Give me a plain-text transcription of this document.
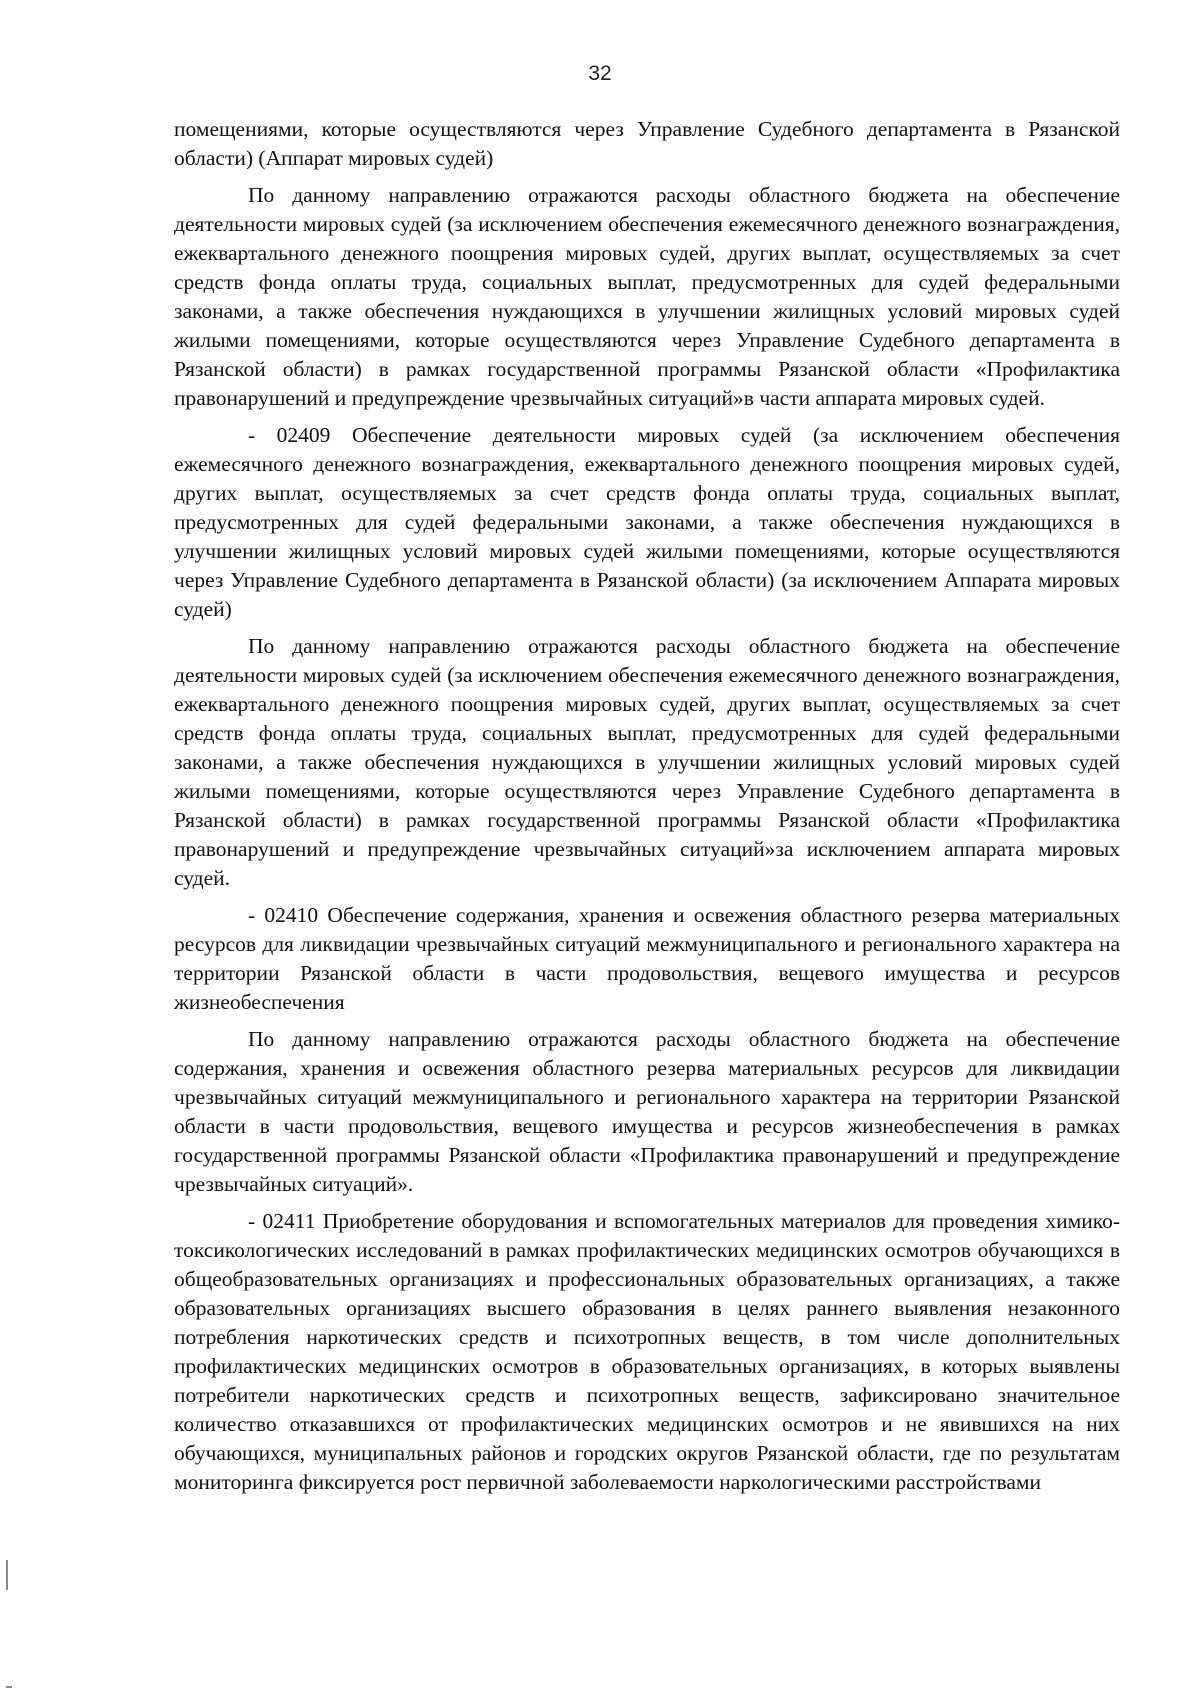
32

помещениями, которые осуществляются через Управление Судебного департамента в Рязанской области) (Аппарат мировых судей)

По данному направлению отражаются расходы областного бюджета на обеспечение деятельности мировых судей (за исключением обеспечения ежемесячного денежного вознаграждения, ежеквартального денежного поощрения мировых судей, других выплат, осуществляемых за счет средств фонда оплаты труда, социальных выплат, предусмотренных для судей федеральными законами, а также обеспечения нуждающихся в улучшении жилищных условий мировых судей жилыми помещениями, которые осуществляются через Управление Судебного департамента в Рязанской области) в рамках государственной программы Рязанской области «Профилактика правонарушений и предупреждение чрезвычайных ситуаций»в части аппарата мировых судей.

- 02409 Обеспечение деятельности мировых судей (за исключением обеспечения ежемесячного денежного вознаграждения, ежеквартального денежного поощрения мировых судей, других выплат, осуществляемых за счет средств фонда оплаты труда, социальных выплат, предусмотренных для судей федеральными законами, а также обеспечения нуждающихся в улучшении жилищных условий мировых судей жилыми помещениями, которые осуществляются через Управление Судебного департамента в Рязанской области) (за исключением Аппарата мировых судей)

По данному направлению отражаются расходы областного бюджета на обеспечение деятельности мировых судей (за исключением обеспечения ежемесячного денежного вознаграждения, ежеквартального денежного поощрения мировых судей, других выплат, осуществляемых за счет средств фонда оплаты труда, социальных выплат, предусмотренных для судей федеральными законами, а также обеспечения нуждающихся в улучшении жилищных условий мировых судей жилыми помещениями, которые осуществляются через Управление Судебного департамента в Рязанской области) в рамках государственной программы Рязанской области «Профилактика правонарушений и предупреждение чрезвычайных ситуаций»за исключением аппарата мировых судей.

- 02410 Обеспечение содержания, хранения и освежения областного резерва материальных ресурсов для ликвидации чрезвычайных ситуаций межмуниципального и регионального характера на территории Рязанской области в части продовольствия, вещевого имущества и ресурсов жизнеобеспечения

По данному направлению отражаются расходы областного бюджета на обеспечение содержания, хранения и освежения областного резерва материальных ресурсов для ликвидации чрезвычайных ситуаций межмуниципального и регионального характера на территории Рязанской области в части продовольствия, вещевого имущества и ресурсов жизнеобеспечения в рамках государственной программы Рязанской области «Профилактика правонарушений и предупреждение чрезвычайных ситуаций».

- 02411 Приобретение оборудования и вспомогательных материалов для проведения химико-токсикологических исследований в рамках профилактических медицинских осмотров обучающихся в общеобразовательных организациях и профессиональных образовательных организациях, а также образовательных организациях высшего образования в целях раннего выявления незаконного потребления наркотических средств и психотропных веществ, в том числе дополнительных профилактических медицинских осмотров в образовательных организациях, в которых выявлены потребители наркотических средств и психотропных веществ, зафиксировано значительное количество отказавшихся от профилактических медицинских осмотров и не явившихся на них обучающихся, муниципальных районов и городских округов Рязанской области, где по результатам мониторинга фиксируется рост первичной заболеваемости наркологическими расстройствами
